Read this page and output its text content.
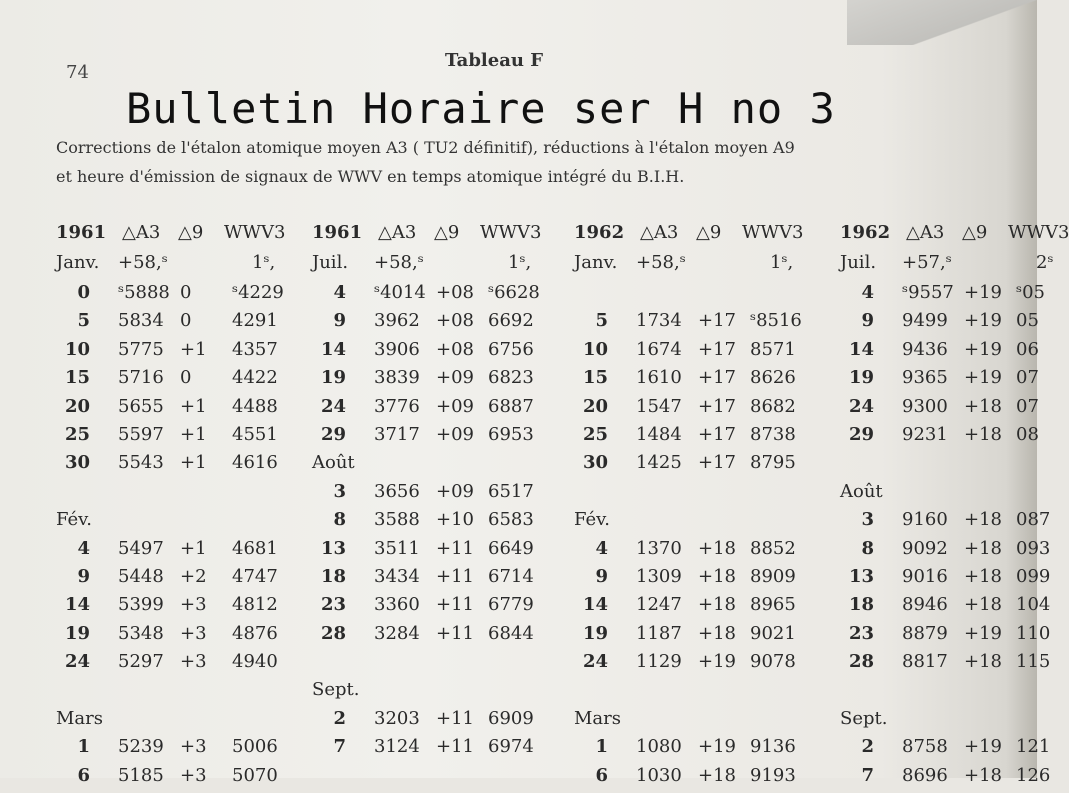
74
Tableau F
Bulletin Horaire ser H no 3
Corrections de l'étalon atomique moyen A3 ( TU2 définitif), réductions à l'étalon moyen A9
et heure d'émission de signaux de WWV en temps atomique intégré du B.I.H.
1961 △A3 △9 WWV3
Janv. +58,ˢ	1ˢ,
0 ˢ5888 0 ˢ4229
5 5834 0 4291
10 5775 +1 4357
15 5716 0 4422
20 5655 +1 4488
25 5597 +1 4551
30 5543 +1 4616
Fév.
4 5497 +1 4681
9 5448 +2 4747
14 5399 +3 4812
19 5348 +3 4876
24 5297 +3 4940
Mars
1 5239 +3 5006
6 5185 +3 5070
1961 △A3 △9 WWV3
Juil. +58,ˢ	1ˢ,
4 ˢ4014 +08 ˢ6628
9 3962 +08 6692
14 3906 +08 6756
19 3839 +09 6823
24 3776 +09 6887
29 3717 +09 6953
Août
3 3656 +09 6517
8 3588 +10 6583
13 3511 +11 6649
18 3434 +11 6714
23 3360 +11 6779
28 3284 +11 6844
Sept.
2 3203 +11 6909
7 3124 +11 6974
1962 △A3 △9 WWV3
Janv. +58,ˢ	1ˢ,
5 1734 +17 ˢ8516
10 1674 +17 8571
15 1610 +17 8626
20 1547 +17 8682
25 1484 +17 8738
30 1425 +17 8795
Fév.
4 1370 +18 8852
9 1309 +18 8909
14 1247 +18 8965
19 1187 +18 9021
24 1129 +19 9078
Mars
1 1080 +19 9136
6 1030 +18 9193
1962 △A3 △9 WWV3
Juil. +57,ˢ	2ˢ
4 ˢ9557 +19 ˢ05
9 9499 +19 05
14 9436 +19 06
19 9365 +19 07
24 9300 +18 07
29 9231 +18 08
Août
3 9160 +18 087
8 9092 +18 093
13 9016 +18 099
18 8946 +18 104
23 8879 +19 110
28 8817 +18 115
Sept.
2 8758 +19 121
7 8696 +18 126
